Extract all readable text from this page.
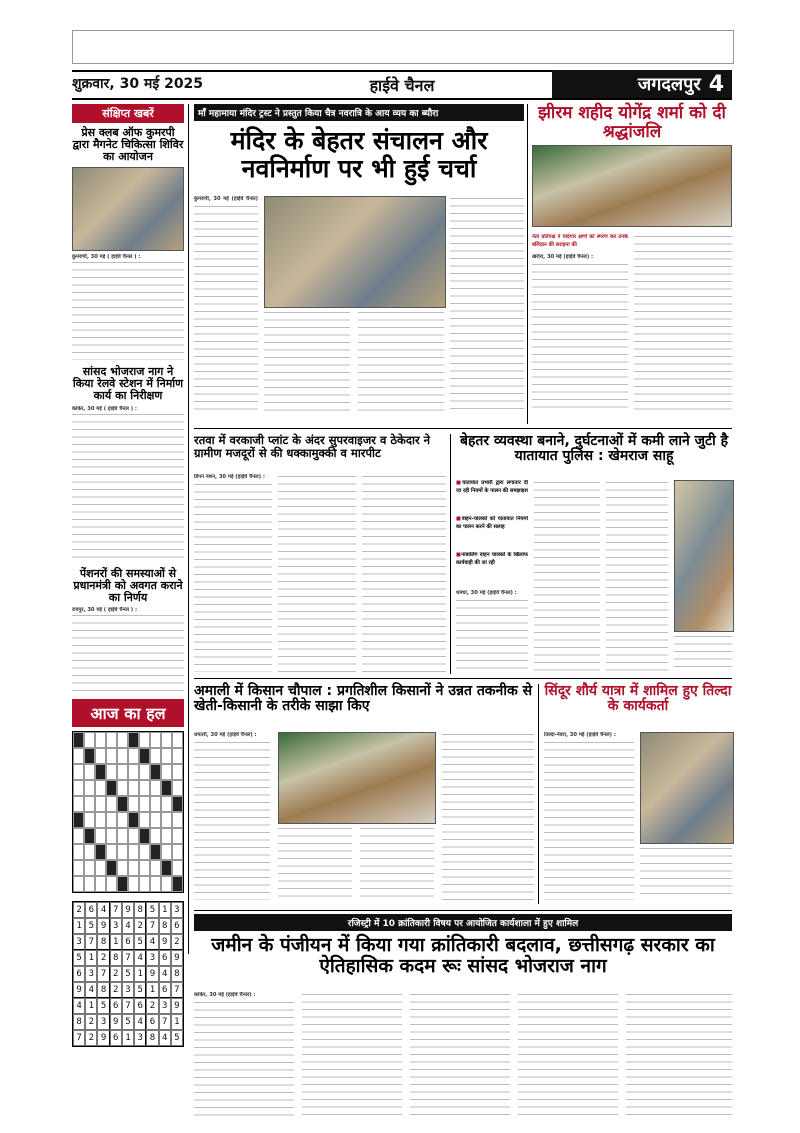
शुक्रवार, 30 मई 2025	हाईवे चैनल	जगदलपुर 4
संक्षिप्त खबरें
प्रेस क्लब ऑफ कुमरपी द्वारा मैगनेट चिकित्सा शिविर का आयोजन
कुमरापी, 30 मई ( हाईवे चैनल ) :
सांसद भोजराज नाग ने किया रेलवे स्टेशन में निर्माण कार्य का निरीक्षण
कांकेर, 30 मई ( हाईवे चैनल ) :
पेंशनरों की समस्याओं से प्रधानमंत्री को अवगत कराने का निर्णय
रायपुर, 30 मई ( हाईवे चैनल ) :
आज का हल
2 6 4 7 9 8 5 1 3
1 5 9 3 4 2 7 8 6
3 7 8 1 6 5 4 9 2
5 1 2 8 7 4 3 6 9
6 3 7 2 5 1 9 4 8
9 4 8 2 3 5 1 6 7
4 1 5 6 7 6 2 3 9
8 2 3 9 5 4 6 7 1
7 2 9 6 1 3 8 4 5
माँ महामाया मंदिर ट्रस्ट ने प्रस्तुत किया चैत्र नवरात्रि के आय व्यय का ब्यौरा
मंदिर के बेहतर संचालन और नवनिर्माण पर भी हुई चर्चा
कुमरापी, 30 मई (हाईवे चैनल)
झीरम शहीद योगेंद्र शर्मा को दी श्रद्धांजलि
नेता प्रतिपक्ष ने यादगार क्षणों को स्मरण कर उनके बलिदान की सराहना की
खरोरा, 30 मई (हाईवे चैनल) :
रतवा में वरकाजी प्लांट के अंदर सुपरवाइजर व ठेकेदार ने ग्रामीण मजदूरों से की धक्कामुक्की व मारपीट
डिपन नेशन, 30 मई (हाईवे चैनल) :
बेहतर व्यवस्था बनाने, दुर्घटनाओं में कमी लाने जुटी है यातायात पुलिस : खेमराज साहू
■ यातायात प्रभारी द्वारा लगातार दी जा रही नियमों के पालन की समझाइश
■ वाहन-चालकों को यातायात नियमों का पालन करने की सलाह
■ नाबालिग वाहन चालकों के खिलाफ कार्यवाही की जा रही
धमधा, 30 मई (हाईवे चैनल) :
अमाली में किसान चौपाल : प्रगतिशील किसानों ने उन्नत तकनीक से खेती-किसानी के तरीके साझा किए
धमतरी, 30 मई (हाईवे चैनल) :
सिंदूर शौर्य यात्रा में शामिल हुए तिल्दा के कार्यकर्ता
तिल्दा-नेवरा, 30 मई (हाईवे चैनल) :
रजिस्ट्री में 10 क्रांतिकारी विषय पर आयोजित कार्यशाला में हुए शामिल
जमीन के पंजीयन में किया गया क्रांतिकारी बदलाव, छत्तीसगढ़ सरकार का ऐतिहासिक कदम रूः सांसद भोजराज नाग
कांकेर, 30 मई (हाईवे चैनल) :
